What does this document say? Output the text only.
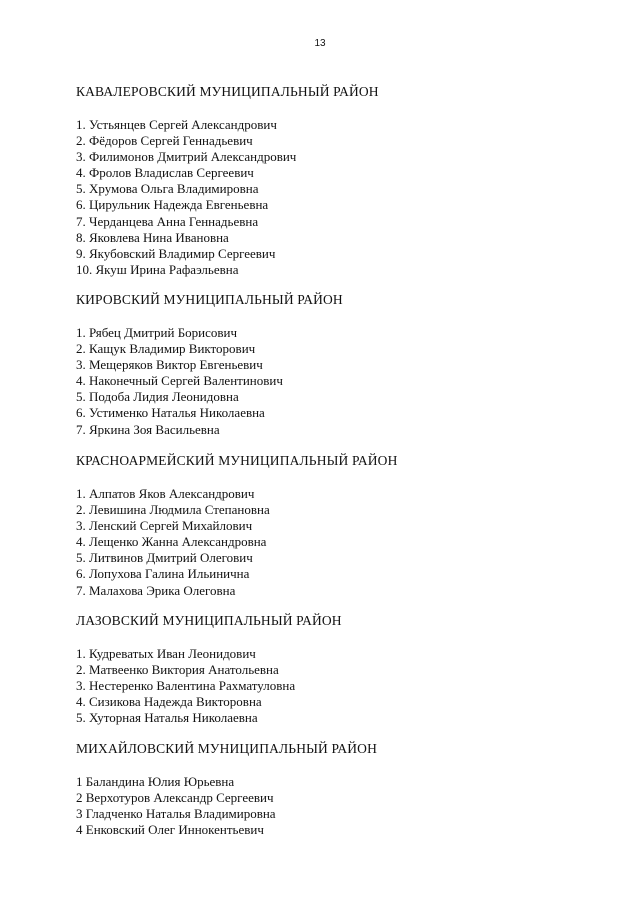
13
КАВАЛЕРОВСКИЙ МУНИЦИПАЛЬНЫЙ РАЙОН
1. Устьянцев Сергей Александрович
2. Фёдоров Сергей Геннадьевич
3. Филимонов Дмитрий Александрович
4. Фролов Владислав Сергеевич
5. Хрумова Ольга Владимировна
6. Цирульник Надежда Евгеньевна
7. Черданцева Анна Геннадьевна
8. Яковлева Нина Ивановна
9. Якубовский Владимир Сергеевич
10. Якуш Ирина Рафаэльевна
КИРОВСКИЙ МУНИЦИПАЛЬНЫЙ РАЙОН
1. Рябец Дмитрий Борисович
2. Кащук Владимир Викторович
3. Мещеряков Виктор Евгеньевич
4. Наконечный Сергей Валентинович
5. Подоба Лидия Леонидовна
6. Устименко Наталья Николаевна
7. Яркина Зоя Васильевна
КРАСНОАРМЕЙСКИЙ МУНИЦИПАЛЬНЫЙ РАЙОН
1. Алпатов Яков Александрович
2. Левишина Людмила Степановна
3. Ленский Сергей Михайлович
4. Лещенко Жанна Александровна
5. Литвинов Дмитрий Олегович
6. Лопухова Галина Ильинична
7. Малахова Эрика Олеговна
ЛАЗОВСКИЙ МУНИЦИПАЛЬНЫЙ РАЙОН
1. Кудреватых Иван Леонидович
2. Матвеенко Виктория Анатольевна
3. Нестеренко Валентина Рахматуловна
4. Сизикова Надежда Викторовна
5. Хуторная Наталья Николаевна
МИХАЙЛОВСКИЙ МУНИЦИПАЛЬНЫЙ РАЙОН
1 Баландина Юлия Юрьевна
2 Верхотуров Александр Сергеевич
3 Гладченко Наталья Владимировна
4 Енковский Олег Иннокентьевич
